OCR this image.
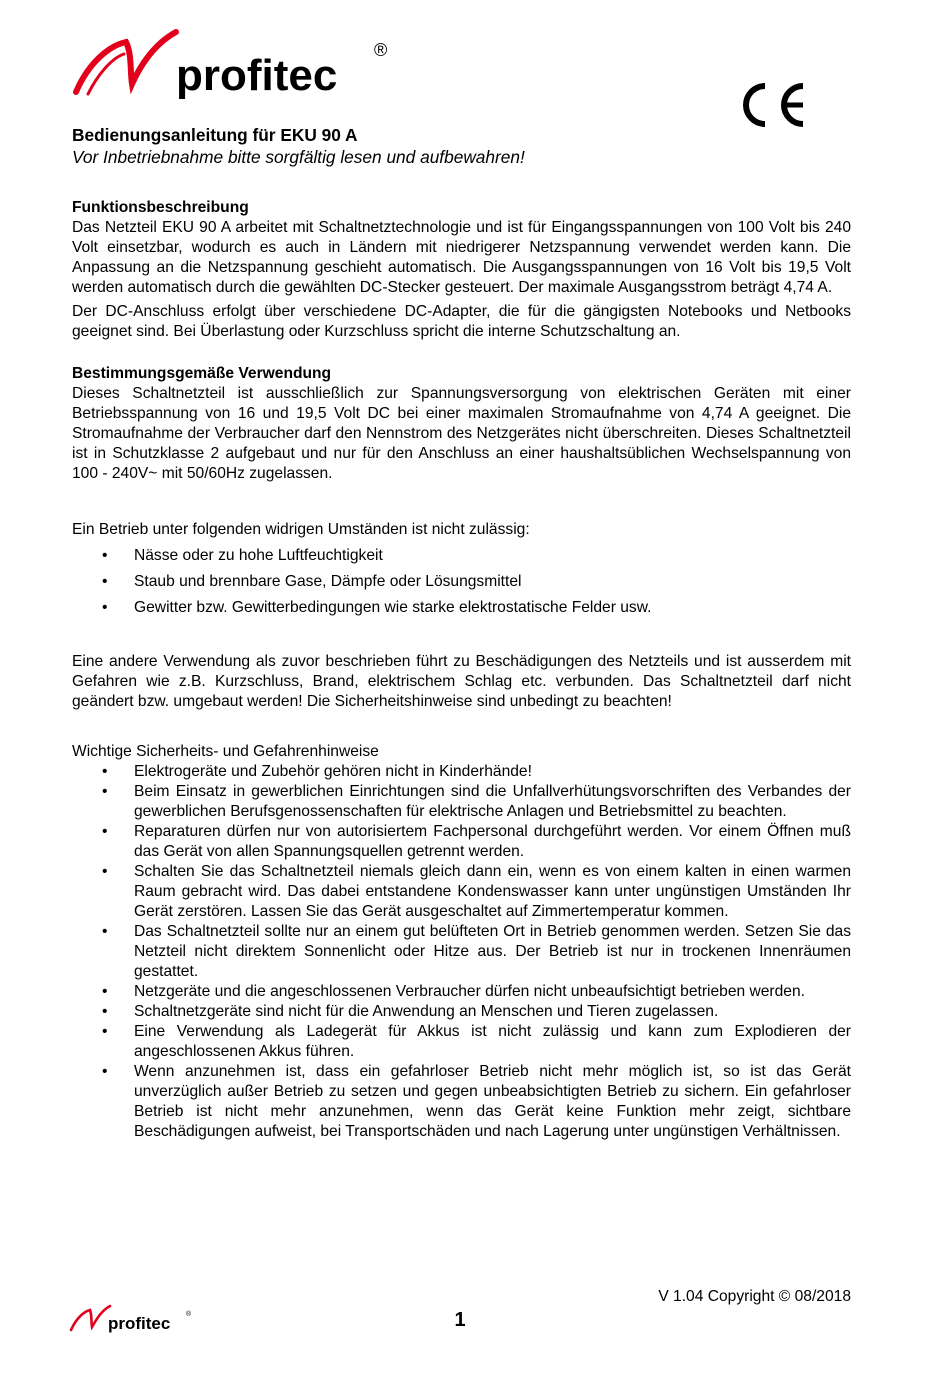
profitec
®

Bedienungsanleitung für EKU 90 A

Vor Inbetriebnahme bitte sorgfältig lesen und aufbewahren!

Funktionsbeschreibung

Das Netzteil EKU 90 A arbeitet mit Schaltnetztechnologie und ist für Eingangsspannungen von 100 Volt bis 240 Volt einsetzbar, wodurch es auch in Ländern mit niedrigerer Netzspannung verwendet werden kann. Die Anpassung an die Netzspannung geschieht automatisch. Die Ausgangsspannungen von 16 Volt bis 19,5 Volt werden automatisch durch die gewählten DC-Stecker gesteuert. Der maximale Ausgangsstrom beträgt 4,74 A.

Der DC-Anschluss erfolgt über verschiedene DC-Adapter, die für die gängigsten Notebooks und Netbooks geeignet sind. Bei Überlastung oder Kurzschluss spricht die interne Schutzschaltung an.

Bestimmungsgemäße Verwendung

Dieses Schaltnetzteil ist ausschließlich zur Spannungsversorgung von elektrischen Geräten mit einer Betriebsspannung von 16 und 19,5 Volt DC bei einer maximalen Stromaufnahme von 4,74 A geeignet. Die Stromaufnahme der Verbraucher darf den Nennstrom des Netzgerätes nicht überschreiten. Dieses Schaltnetzteil ist in Schutzklasse 2 aufgebaut und nur für den Anschluss an einer haushaltsüblichen Wechselspannung von 100 - 240V~ mit 50/60Hz zugelassen.

Ein Betrieb unter folgenden widrigen Umständen ist nicht zulässig:

• Nässe oder zu hohe Luftfeuchtigkeit
• Staub und brennbare Gase, Dämpfe oder Lösungsmittel
• Gewitter bzw. Gewitterbedingungen wie starke elektrostatische Felder usw.

Eine andere Verwendung als zuvor beschrieben führt zu Beschädigungen des Netzteils und ist ausserdem mit Gefahren wie z.B. Kurzschluss, Brand, elektrischem Schlag etc. verbunden. Das Schaltnetzteil darf nicht geändert bzw. umgebaut werden! Die Sicherheitshinweise sind unbedingt zu beachten!

Wichtige Sicherheits- und Gefahrenhinweise

• Elektrogeräte und Zubehör gehören nicht in Kinderhände!
• Beim Einsatz in gewerblichen Einrichtungen sind die Unfallverhütungsvorschriften des Verbandes der gewerblichen Berufsgenossenschaften für elektrische Anlagen und Betriebsmittel zu beachten.
• Reparaturen dürfen nur von autorisiertem Fachpersonal durchgeführt werden. Vor einem Öffnen muß das Gerät von allen Spannungsquellen getrennt werden.
• Schalten Sie das Schaltnetzteil niemals gleich dann ein, wenn es von einem kalten in einen warmen Raum gebracht wird. Das dabei entstandene Kondenswasser kann unter ungünstigen Umständen Ihr Gerät zerstören. Lassen Sie das Gerät ausgeschaltet auf Zimmertemperatur kommen.
• Das Schaltnetzteil sollte nur an einem gut belüfteten Ort in Betrieb genommen werden. Setzen Sie das Netzteil nicht direktem Sonnenlicht oder Hitze aus. Der Betrieb ist nur in trockenen Innenräumen gestattet.
• Netzgeräte und die angeschlossenen Verbraucher dürfen nicht unbeaufsichtigt betrieben werden.
• Schaltnetzgeräte sind nicht für die Anwendung an Menschen und Tieren zugelassen.
• Eine Verwendung als Ladegerät für Akkus ist nicht zulässig und kann zum Explodieren der angeschlossenen Akkus führen.
• Wenn anzunehmen ist, dass ein gefahrloser Betrieb nicht mehr möglich ist, so ist das Gerät unverzüglich außer Betrieb zu setzen und gegen unbeabsichtigten Betrieb zu sichern. Ein gefahrloser Betrieb ist nicht mehr anzunehmen, wenn das Gerät keine Funktion mehr zeigt, sichtbare Beschädigungen aufweist, bei Transportschäden und nach Lagerung unter ungünstigen Verhältnissen.
V 1.04 Copyright © 08/2018
profitec ®	1
